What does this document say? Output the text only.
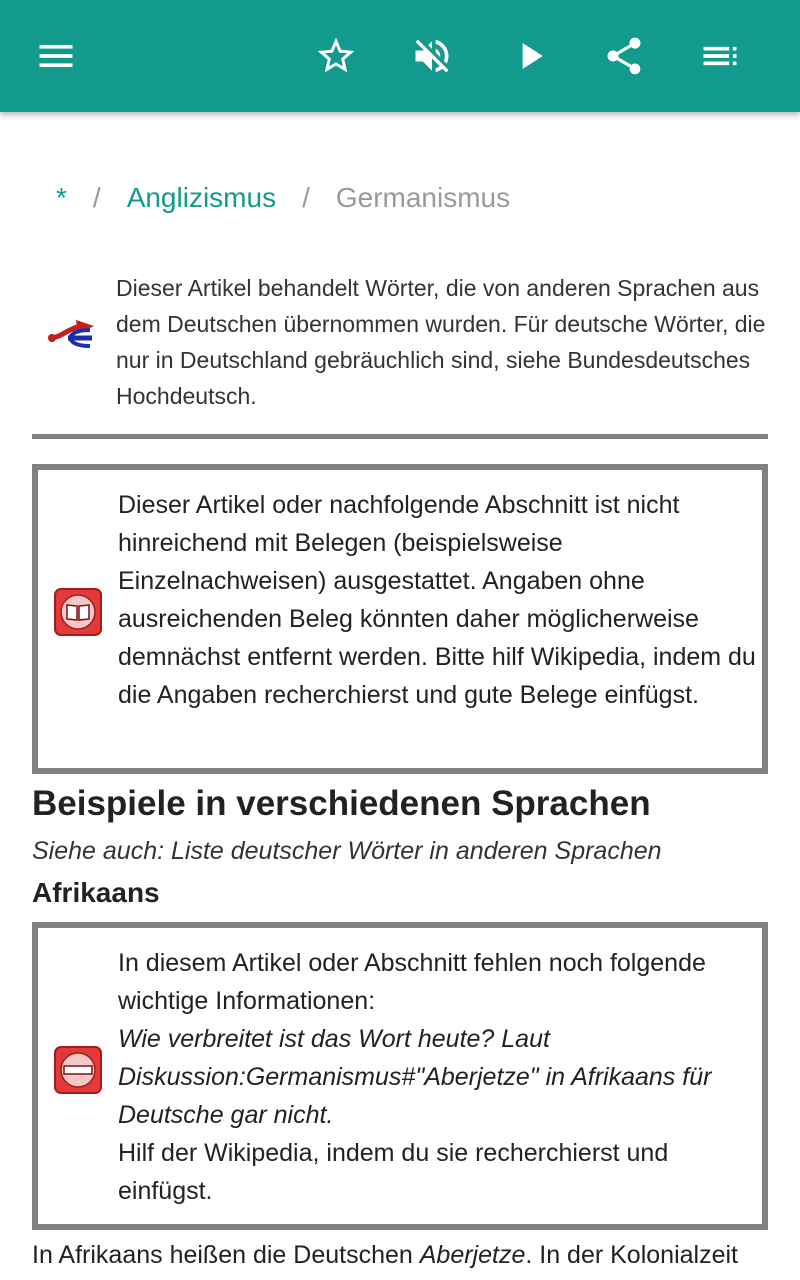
* / Anglizismus / Germanismus
Dieser Artikel behandelt Wörter, die von anderen Sprachen aus dem Deutschen übernommen wurden. Für deutsche Wörter, die nur in Deutschland gebräuchlich sind, siehe Bundesdeutsches Hochdeutsch.
Dieser Artikel oder nachfolgende Abschnitt ist nicht hinreichend mit Belegen (beispielsweise Einzelnachweisen) ausgestattet. Angaben ohne ausreichenden Beleg könnten daher möglicherweise demnächst entfernt werden. Bitte hilf Wikipedia, indem du die Angaben recherchierst und gute Belege einfügst.
Beispiele in verschiedenen Sprachen
Siehe auch: Liste deutscher Wörter in anderen Sprachen
Afrikaans
In diesem Artikel oder Abschnitt fehlen noch folgende wichtige Informationen:
Wie verbreitet ist das Wort heute? Laut Diskussion:Germanismus#"Aberjetze" in Afrikaans für Deutsche gar nicht.
Hilf der Wikipedia, indem du sie recherchierst und einfügst.
In Afrikaans heißen die Deutschen Aberjetze. In der Kolonialzeit
